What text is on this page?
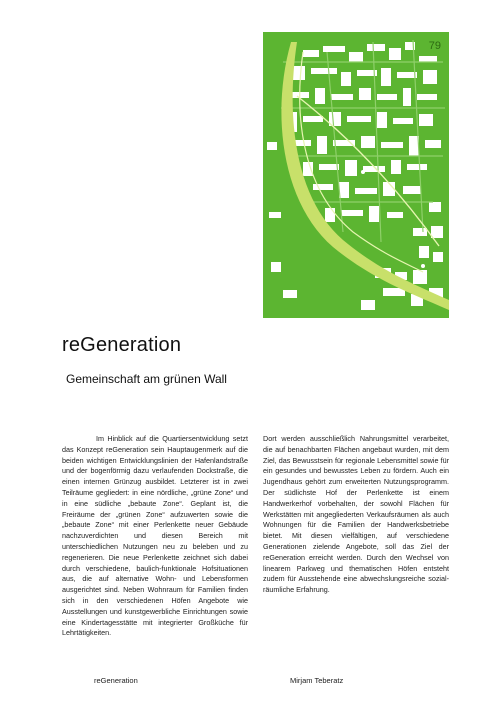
79
reGeneration
Gemeinschaft am grünen Wall

Im Hinblick auf die Quartiersentwicklung setzt das Konzept reGeneration sein Hauptaugenmerk auf die beiden wichtigen Entwicklungslinien der Hafenlandstraße und der bogenförmig dazu verlaufenden Dockstraße, die einen internen Grünzug ausbildet. Letzterer ist in zwei Teilräume gegliedert: in eine nördliche, „grüne Zone“ und in eine südliche „bebaute Zone“. Geplant ist, die Freiräume der „grünen Zone“ aufzuwerten sowie die „bebaute Zone“ mit einer Perlenkette neuer Gebäude nachzuverdichten und diesen Bereich mit unterschiedlichen Nutzungen neu zu beleben und zu regenerieren. Die neue Perlenkette zeichnet sich dabei durch verschiedene, baulich-funktionale Hofsituationen aus, die auf alternative Wohn- und Lebensformen ausgerichtet sind. Neben Wohnraum für Familien finden sich in den verschiedenen Höfen Angebote wie Ausstellungen und kunstgewerbliche Einrichtungen sowie eine Kindertagesstätte mit integrierter Großküche für Lehrtätigkeiten.

Dort werden ausschließlich Nahrungsmittel verarbeitet, die auf benachbarten Flächen angebaut wurden, mit dem Ziel, das Bewusstsein für regionale Lebensmittel sowie für ein gesundes und bewusstes Leben zu fördern. Auch ein Jugendhaus gehört zum erweiterten Nutzungsprogramm. Der südlichste Hof der Perlenkette ist einem Handwerkerhof vorbehalten, der sowohl Flächen für Werkstätten mit angegliederten Verkaufsräumen als auch Wohnungen für die Familien der Handwerksbetriebe bietet. Mit diesen vielfältigen, auf verschiedene Generationen zielende Angebote, soll das Ziel der reGeneration erreicht werden. Durch den Wechsel von linearem Parkweg und thematischen Höfen entsteht zudem für Ausstehende eine abwechslungsreiche sozial-räumliche Erfahrung.

reGeneration	Mirjam Teberatz
